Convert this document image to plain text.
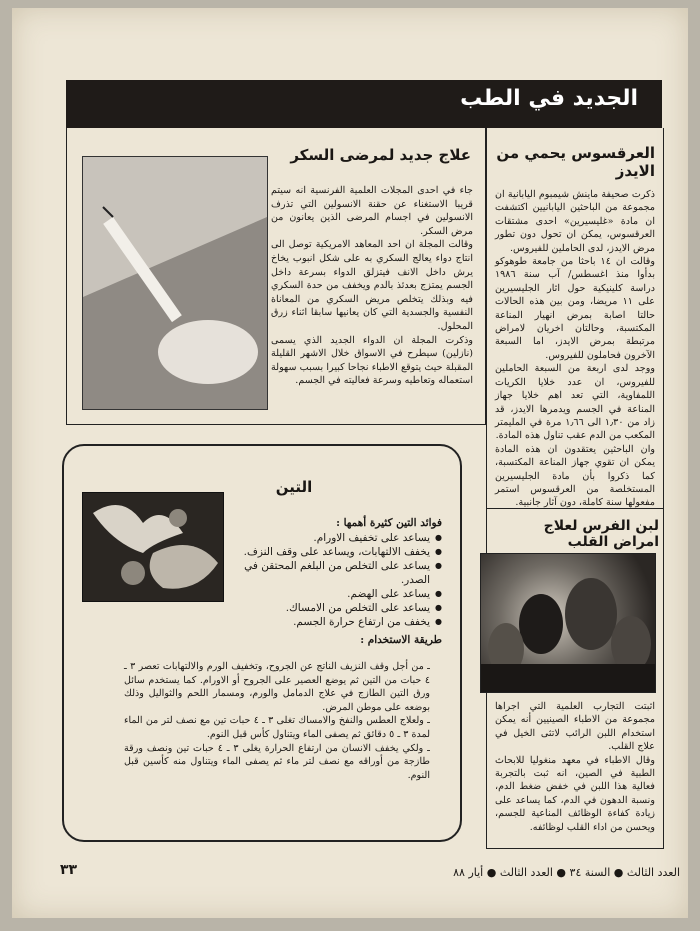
الجديد في الطب

العرقسوس يحمي من الايدز

ذكرت صحيفة ماينش شيمبوم اليابانية ان مجموعة من الباحثين اليابانيين اكتشفت ان مادة «غليسيرين» احدى مشتقات العرقسوس، يمكن ان تحول دون تطور مرض الايدز، لدى الحاملين للفيروس.
وقالت ان ١٤ باحثا من جامعة طوهوكو بدأوا منذ اغسطس/ آب سنة ١٩٨٦ دراسة كلينيكية حول اثار الجليسيرين على ١١ مريضا، ومن بين هذه الحالات حالتا اصابة بمرض انهيار المناعة المكتسبة، وحالتان اخريان لامراض مرتبطة بمرض الايدز، اما السبعة الآخرون فحاملون للفيروس.
ووجد لدى اربعة من السبعة الحاملين للفيروس، ان عدد خلايا الكريات اللمفاوية، التي تعد اهم خلايا جهاز المناعة في الجسم ويدمرها الايدز، قد زاد من ١٫٣٠ الى ١٫٦٦ مرة في المليمتر المكعب من الدم عقب تناول هذه المادة.
وان الباحثين يعتقدون ان هذه المادة يمكن ان تقوي جهاز المناعة المكتسبة، كما ذكروا بأن مادة الجليسيرين المستخلصة من العرقسوس استمر مفعولها سنة كاملة، دون آثار جانبية.

لبن الفرس لعلاج امراض القلب

اثبتت التجارب العلمية التي اجراها مجموعة من الاطباء الصينيين أنه يمكن استخدام اللبن الرائب لاتثى الخيل في علاج القلب.
وقال الاطباء في معهد منغوليا للابحاث الطبية في الصين، انه ثبت بالتجربة فعالية هذا اللبن في خفض ضغط الدم، ونسبة الدهون في الدم، كما يساعد على زيادة كفاءة الوظائف المناعية للجسم، ويحسن من اداء القلب لوظائفه.

علاج جديد لمرضى السكر

جاء في احدى المجلات العلمية الفرنسية انه سيتم قريبا الاستغناء عن حقنة الانسولين التي تذرف الانسولين في اجسام المرضى الذين يعانون من مرض السكر.
وقالت المجلة ان احد المعاهد الامريكية توصل الى انتاج دواء يعالج السكري به على شكل انبوب يخاخ يرش داخل الانف فيتزلق الدواء بسرعة داخل الجسم يمتزج بعدئذ بالدم ويخفف من حدة السكري فيه وبذلك يتخلص مريض السكري من المعاناة النفسية والجسدية التي كان يعانيها سابقا اثناء زرق المحلول.
وذكرت المجلة ان الدواء الجديد الذي يسمى (نازلين) سيطرح في الاسواق خلال الاشهر القليلة المقبلة حيث يتوقع الاطباء نجاحا كبيرا بسبب سهولة استعماله وتعاطيه وسرعة فعاليته في الجسم.

التين

فوائد التين كثيرة أهمها :

● يساعد على تخفيف الاورام.
● يخفف الالتهابات، ويساعد على وقف النزف.
● يساعد على التخلص من البلغم المحتقن في الصدر.
● يساعد على الهضم.
● يساعد على التخلص من الامساك.
● يخفف من ارتفاع حرارة الجسم.

طريقة الاستخدام :

ـ من أجل وقف النزيف الناتج عن الجروح، وتخفيف الورم والالتهابات تعصر ٣ ـ ٤ حبات من التين ثم يوضع العصير على الجروح أو الاورام. كما يستخدم سائل ورق التين الطازج في علاج الدمامل والورم، ومسمار اللحم والثواليل وذلك بوضعه على موطن المرض.
ـ ولعلاج العطس والنفخ والامساك تغلى ٣ ـ ٤ حبات تين مع نصف لتر من الماء لمدة ٣ ـ ٥ دقائق ثم يصفى الماء ويتناول كأس قبل النوم.
ـ ولكي يخفف الانسان من ارتفاع الحرارة يغلى ٣ ـ ٤ حبات تين ونصف ورقة طازجة من أوراقه مع نصف لتر ماء ثم يصفى الماء ويتناول منه كأسين قبل النوم.

العدد الثالث ● السنة ٣٤ ● العدد الثالث ● أيار ٨٨
٣٣
